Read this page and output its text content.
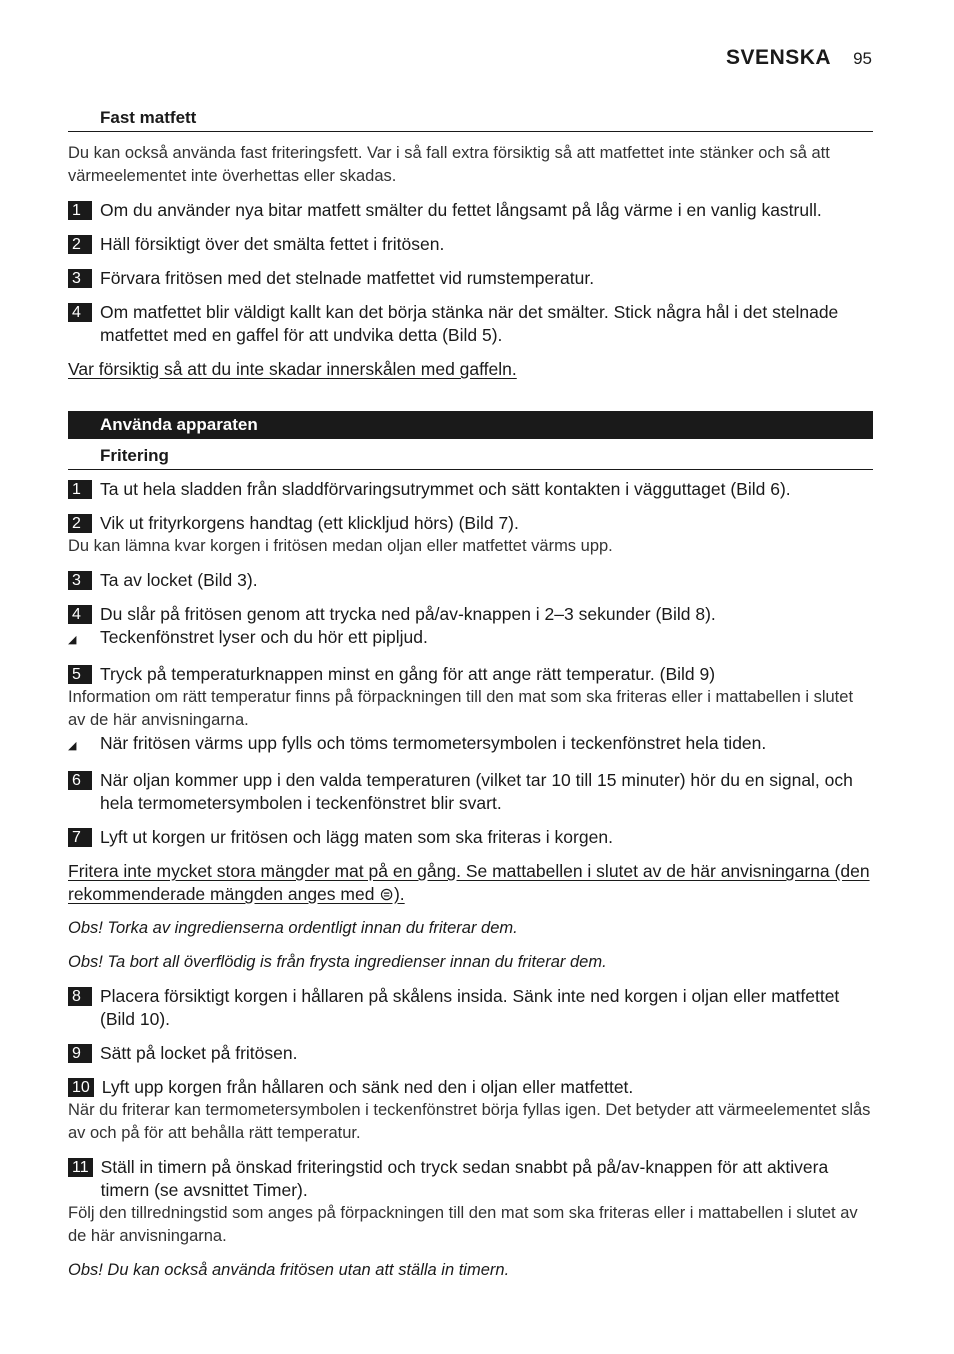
SVENSKA 95
Fast matfett

Du kan också använda fast friteringsfett. Var i så fall extra försiktig så att matfettet inte stänker och så att värmeelementet inte överhettas eller skadas.

1	Om du använder nya bitar matfett smälter du fettet långsamt på låg värme i en vanlig kastrull.
2	Häll försiktigt över det smälta fettet i fritösen.
3	Förvara fritösen med det stelnade matfettet vid rumstemperatur.
4	Om matfettet blir väldigt kallt kan det börja stänka när det smälter. Stick några hål i det stelnade matfettet med en gaffel för att undvika detta (Bild 5).
Var försiktig så att du inte skadar innerskålen med gaffeln.
Använda apparaten
Fritering
1	Ta ut hela sladden från sladdförvaringsutrymmet och sätt kontakten i vägguttaget (Bild 6).
2	Vik ut frityrkorgens handtag (ett klickljud hörs) (Bild 7).

Du kan lämna kvar korgen i fritösen medan oljan eller matfettet värms upp.

3	Ta av locket (Bild 3).
4	Du slår på fritösen genom att trycka ned på/av-knappen i 2–3 sekunder (Bild 8).
◢	Teckenfönstret lyser och du hör ett pipljud.
5	Tryck på temperaturknappen minst en gång för att ange rätt temperatur. (Bild 9)

Information om rätt temperatur finns på förpackningen till den mat som ska friteras eller i mattabellen i slutet av de här anvisningarna.

◢	När fritösen värms upp fylls och töms termometersymbolen i teckenfönstret hela tiden.
6	När oljan kommer upp i den valda temperaturen (vilket tar 10 till 15 minuter) hör du en signal, och hela termometersymbolen i teckenfönstret blir svart.
7	Lyft ut korgen ur fritösen och lägg maten som ska friteras i korgen.
Fritera inte mycket stora mängder mat på en gång. Se mattabellen i slutet av de här anvisningarna (den rekommenderade mängden anges med ⊜).
Obs! Torka av ingredienserna ordentligt innan du friterar dem.
Obs! Ta bort all överflödig is från frysta ingredienser innan du friterar dem.
8	Placera försiktigt korgen i hållaren på skålens insida. Sänk inte ned korgen i oljan eller matfettet (Bild 10).
9	Sätt på locket på fritösen.
10 Lyft upp korgen från hållaren och sänk ned den i oljan eller matfettet.

När du friterar kan termometersymbolen i teckenfönstret börja fyllas igen. Det betyder att värmeelementet slås av och på för att behålla rätt temperatur.

11 Ställ in timern på önskad friteringstid och tryck sedan snabbt på på/av-knappen för att aktivera timern (se avsnittet Timer).

Följ den tillredningstid som anges på förpackningen till den mat som ska friteras eller i mattabellen i slutet av de här anvisningarna.

Obs! Du kan också använda fritösen utan att ställa in timern.
